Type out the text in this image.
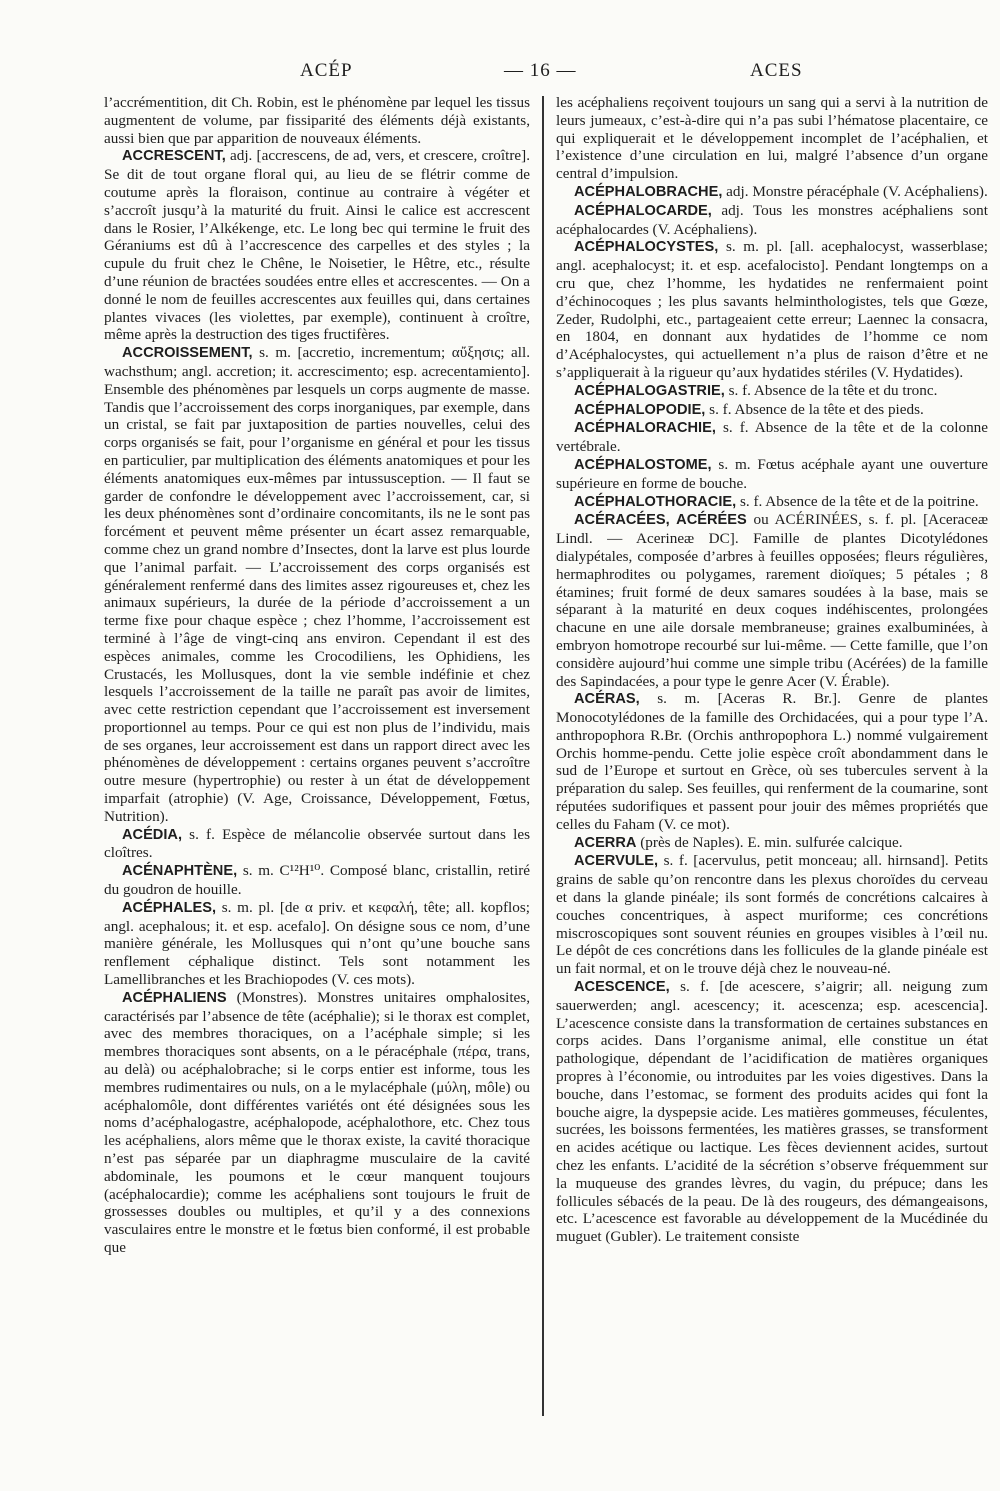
ACÉP	— 16 —	ACES

l’accrémentition, dit Ch. Robin, est le phénomène par lequel les tissus augmentent de volume, par fissiparité des éléments déjà existants, aussi bien que par apparition de nouveaux éléments.

ACCRESCENT, adj. [accrescens, de ad, vers, et crescere, croître]. Se dit de tout organe floral qui, au lieu de se flétrir comme de coutume après la floraison, continue au contraire à végéter et s’accroît jusqu’à la maturité du fruit. Ainsi le calice est accrescent dans le Rosier, l’Alkékenge, etc. Le long bec qui termine le fruit des Géraniums est dû à l’accrescence des carpelles et des styles ; la cupule du fruit chez le Chêne, le Noisetier, le Hêtre, etc., résulte d’une réunion de bractées soudées entre elles et accrescentes. — On a donné le nom de feuilles accrescentes aux feuilles qui, dans certaines plantes vivaces (les violettes, par exemple), continuent à croître, même après la destruction des tiges fructifères.

ACCROISSEMENT, s. m. [accretio, incrementum; αὔξησις; all. wachsthum; angl. accretion; it. accrescimento; esp. acrecentamiento]. Ensemble des phénomènes par lesquels un corps augmente de masse. Tandis que l’accroissement des corps inorganiques, par exemple, dans un cristal, se fait par juxtaposition de parties nouvelles, celui des corps organisés se fait, pour l’organisme en général et pour les tissus en particulier, par multiplication des éléments anatomiques et pour les éléments anatomiques eux-mêmes par intussusception. — Il faut se garder de confondre le développement avec l’accroissement, car, si les deux phénomènes sont d’ordinaire concomitants, ils ne le sont pas forcément et peuvent même présenter un écart assez remarquable, comme chez un grand nombre d’Insectes, dont la larve est plus lourde que l’animal parfait. — L’accroissement des corps organisés est généralement renfermé dans des limites assez rigoureuses et, chez les animaux supérieurs, la durée de la période d’accroissement a un terme fixe pour chaque espèce ; chez l’homme, l’accroissement est terminé à l’âge de vingt-cinq ans environ. Cependant il est des espèces animales, comme les Crocodiliens, les Ophidiens, les Crustacés, les Mollusques, dont la vie semble indéfinie et chez lesquels l’accroissement de la taille ne paraît pas avoir de limites, avec cette restriction cependant que l’accroissement est inversement proportionnel au temps. Pour ce qui est non plus de l’individu, mais de ses organes, leur accroissement est dans un rapport direct avec les phénomènes de développement : certains organes peuvent s’accroître outre mesure (hypertrophie) ou rester à un état de développement imparfait (atrophie) (V. Age, Croissance, Développement, Fœtus, Nutrition).

ACÉDIA, s. f. Espèce de mélancolie observée surtout dans les cloîtres.

ACÉNAPHTÈNE, s. m. C¹²H¹⁰. Composé blanc, cristallin, retiré du goudron de houille.

ACÉPHALES, s. m. pl. [de α priv. et κεφαλή, tête; all. kopflos; angl. acephalous; it. et esp. acefalo]. On désigne sous ce nom, d’une manière générale, les Mollusques qui n’ont qu’une bouche sans renflement céphalique distinct. Tels sont notamment les Lamellibranches et les Brachiopodes (V. ces mots).

ACÉPHALIENS (Monstres). Monstres unitaires omphalosites, caractérisés par l’absence de tête (acéphalie); si le thorax est complet, avec des membres thoraciques, on a l’acéphale simple; si les membres thoraciques sont absents, on a le péracéphale (πέρα, trans, au delà) ou acéphalobrache; si le corps entier est informe, tous les membres rudimentaires ou nuls, on a le mylacéphale (μύλη, môle) ou acéphalomôle, dont différentes variétés ont été désignées sous les noms d’acéphalogastre, acéphalopode, acéphalothore, etc. Chez tous les acéphaliens, alors même que le thorax existe, la cavité thoracique n’est pas séparée par un diaphragme musculaire de la cavité abdominale, les poumons et le cœur manquent toujours (acéphalocardie); comme les acéphaliens sont toujours le fruit de grossesses doubles ou multiples, et qu’il y a des connexions vasculaires entre le monstre et le fœtus bien conformé, il est probable que

les acéphaliens reçoivent toujours un sang qui a servi à la nutrition de leurs jumeaux, c’est-à-dire qui n’a pas subi l’hématose placentaire, ce qui expliquerait et le développement incomplet de l’acéphalien, et l’existence d’une circulation en lui, malgré l’absence d’un organe central d’impulsion.

ACÉPHALOBRACHE, adj. Monstre péracéphale (V. Acéphaliens).

ACÉPHALOCARDE, adj. Tous les monstres acéphaliens sont acéphalocardes (V. Acéphaliens).

ACÉPHALOCYSTES, s. m. pl. [all. acephalocyst, wasserblase; angl. acephalocyst; it. et esp. acefalocisto]. Pendant longtemps on a cru que, chez l’homme, les hydatides ne renfermaient point d’échinocoques ; les plus savants helminthologistes, tels que Gœze, Zeder, Rudolphi, etc., partageaient cette erreur; Laennec la consacra, en 1804, en donnant aux hydatides de l’homme ce nom d’Acéphalocystes, qui actuellement n’a plus de raison d’être et ne s’appliquerait à la rigueur qu’aux hydatides stériles (V. Hydatides).

ACÉPHALOGASTRIE, s. f. Absence de la tête et du tronc.

ACÉPHALOPODIE, s. f. Absence de la tête et des pieds.

ACÉPHALORACHIE, s. f. Absence de la tête et de la colonne vertébrale.

ACÉPHALOSTOME, s. m. Fœtus acéphale ayant une ouverture supérieure en forme de bouche.

ACÉPHALOTHORACIE, s. f. Absence de la tête et de la poitrine.

ACÉRACÉES, ACÉRÉES ou ACÉRINÉES, s. f. pl. [Aceraceæ Lindl. — Acerineæ DC]. Famille de plantes Dicotylédones dialypétales, composée d’arbres à feuilles opposées; fleurs régulières, hermaphrodites ou polygames, rarement dioïques; 5 pétales ; 8 étamines; fruit formé de deux samares soudées à la base, mais se séparant à la maturité en deux coques indéhiscentes, prolongées chacune en une aile dorsale membraneuse; graines exalbuminées, à embryon homotrope recourbé sur lui-même. — Cette famille, que l’on considère aujourd’hui comme une simple tribu (Acérées) de la famille des Sapindacées, a pour type le genre Acer (V. Érable).

ACÉRAS, s. m. [Aceras R. Br.]. Genre de plantes Monocotylédones de la famille des Orchidacées, qui a pour type l’A. anthropophora R.Br. (Orchis anthropophora L.) nommé vulgairement Orchis homme-pendu. Cette jolie espèce croît abondamment dans le sud de l’Europe et surtout en Grèce, où ses tubercules servent à la préparation du salep. Ses feuilles, qui renferment de la coumarine, sont réputées sudorifiques et passent pour jouir des mêmes propriétés que celles du Faham (V. ce mot).

ACERRA (près de Naples). E. min. sulfurée calcique.

ACERVULE, s. f. [acervulus, petit monceau; all. hirnsand]. Petits grains de sable qu’on rencontre dans les plexus choroïdes du cerveau et dans la glande pinéale; ils sont formés de concrétions calcaires à couches concentriques, à aspect muriforme; ces concrétions miscroscopiques sont souvent réunies en groupes visibles à l’œil nu. Le dépôt de ces concrétions dans les follicules de la glande pinéale est un fait normal, et on le trouve déjà chez le nouveau-né.

ACESCENCE, s. f. [de acescere, s’aigrir; all. neigung zum sauerwerden; angl. acescency; it. acescenza; esp. acescencia]. L’acescence consiste dans la transformation de certaines substances en corps acides. Dans l’organisme animal, elle constitue un état pathologique, dépendant de l’acidification de matières organiques propres à l’économie, ou introduites par les voies digestives. Dans la bouche, dans l’estomac, se forment des produits acides qui font la bouche aigre, la dyspepsie acide. Les matières gommeuses, féculentes, sucrées, les boissons fermentées, les matières grasses, se transforment en acides acétique ou lactique. Les fèces deviennent acides, surtout chez les enfants. L’acidité de la sécrétion s’observe fréquemment sur la muqueuse des grandes lèvres, du vagin, du prépuce; dans les follicules sébacés de la peau. De là des rougeurs, des démangeaisons, etc. L’acescence est favorable au développement de la Mucédinée du muguet (Gubler). Le traitement consiste
